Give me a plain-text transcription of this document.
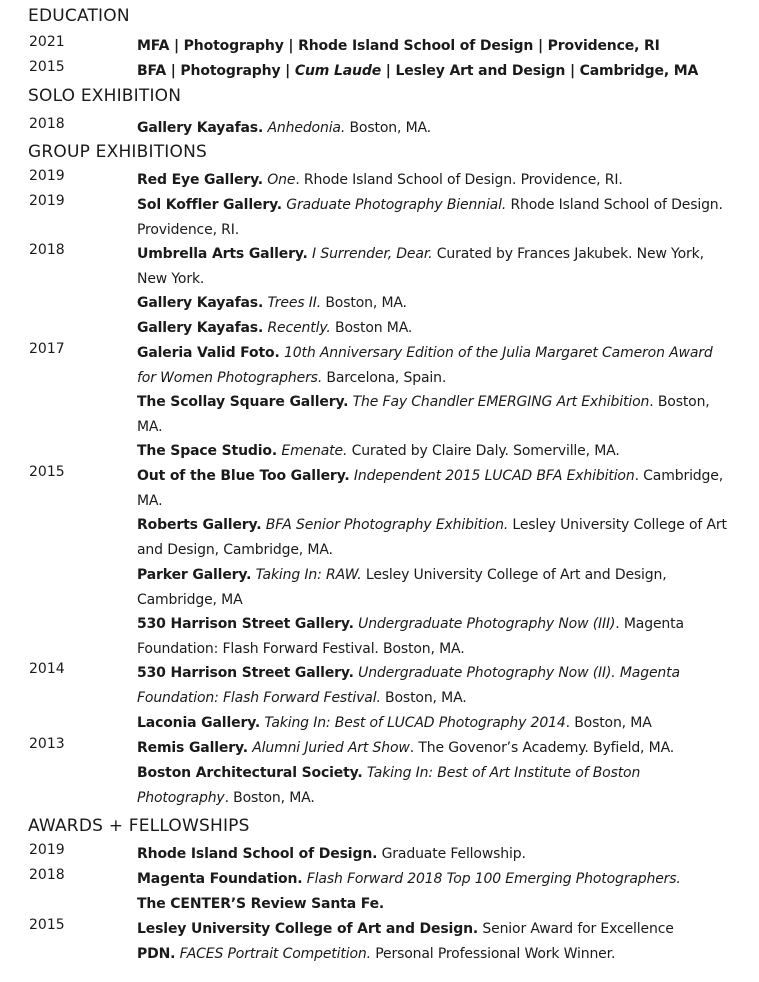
EDUCATION
2021	MFA | Photography | Rhode Island School of Design | Providence, RI
2015	BFA | Photography | Cum Laude | Lesley Art and Design | Cambridge, MA
SOLO EXHIBITION
2018	Gallery Kayafas. Anhedonia. Boston, MA.
GROUP EXHIBITIONS
2019	Red Eye Gallery. One. Rhode Island School of Design. Providence, RI.
2019	Sol Koffler Gallery. Graduate Photography Biennial. Rhode Island School of Design. Providence, RI.
2018	Umbrella Arts Gallery. I Surrender, Dear. Curated by Frances Jakubek. New York, New York.
Gallery Kayafas. Trees II. Boston, MA.
Gallery Kayafas. Recently. Boston MA.
2017	Galeria Valid Foto. 10th Anniversary Edition of the Julia Margaret Cameron Award for Women Photographers. Barcelona, Spain.
The Scollay Square Gallery. The Fay Chandler EMERGING Art Exhibition. Boston, MA.
The Space Studio. Emenate. Curated by Claire Daly. Somerville, MA.
2015	Out of the Blue Too Gallery. Independent 2015 LUCAD BFA Exhibition. Cambridge, MA.
Roberts Gallery. BFA Senior Photography Exhibition. Lesley University College of Art and Design, Cambridge, MA.
Parker Gallery. Taking In: RAW. Lesley University College of Art and Design, Cambridge, MA
530 Harrison Street Gallery. Undergraduate Photography Now (III). Magenta Foundation: Flash Forward Festival. Boston, MA.
2014	530 Harrison Street Gallery. Undergraduate Photography Now (II). Magenta Foundation: Flash Forward Festival. Boston, MA.
Laconia Gallery. Taking In: Best of LUCAD Photography 2014. Boston, MA
2013	Remis Gallery. Alumni Juried Art Show. The Govenor’s Academy. Byfield, MA.
Boston Architectural Society. Taking In: Best of Art Institute of Boston Photography. Boston, MA.
AWARDS + FELLOWSHIPS
2019	Rhode Island School of Design. Graduate Fellowship.
2018	Magenta Foundation. Flash Forward 2018 Top 100 Emerging Photographers.
The CENTER’S Review Santa Fe.
2015	Lesley University College of Art and Design. Senior Award for Excellence
PDN. FACES Portrait Competition. Personal Professional Work Winner.
